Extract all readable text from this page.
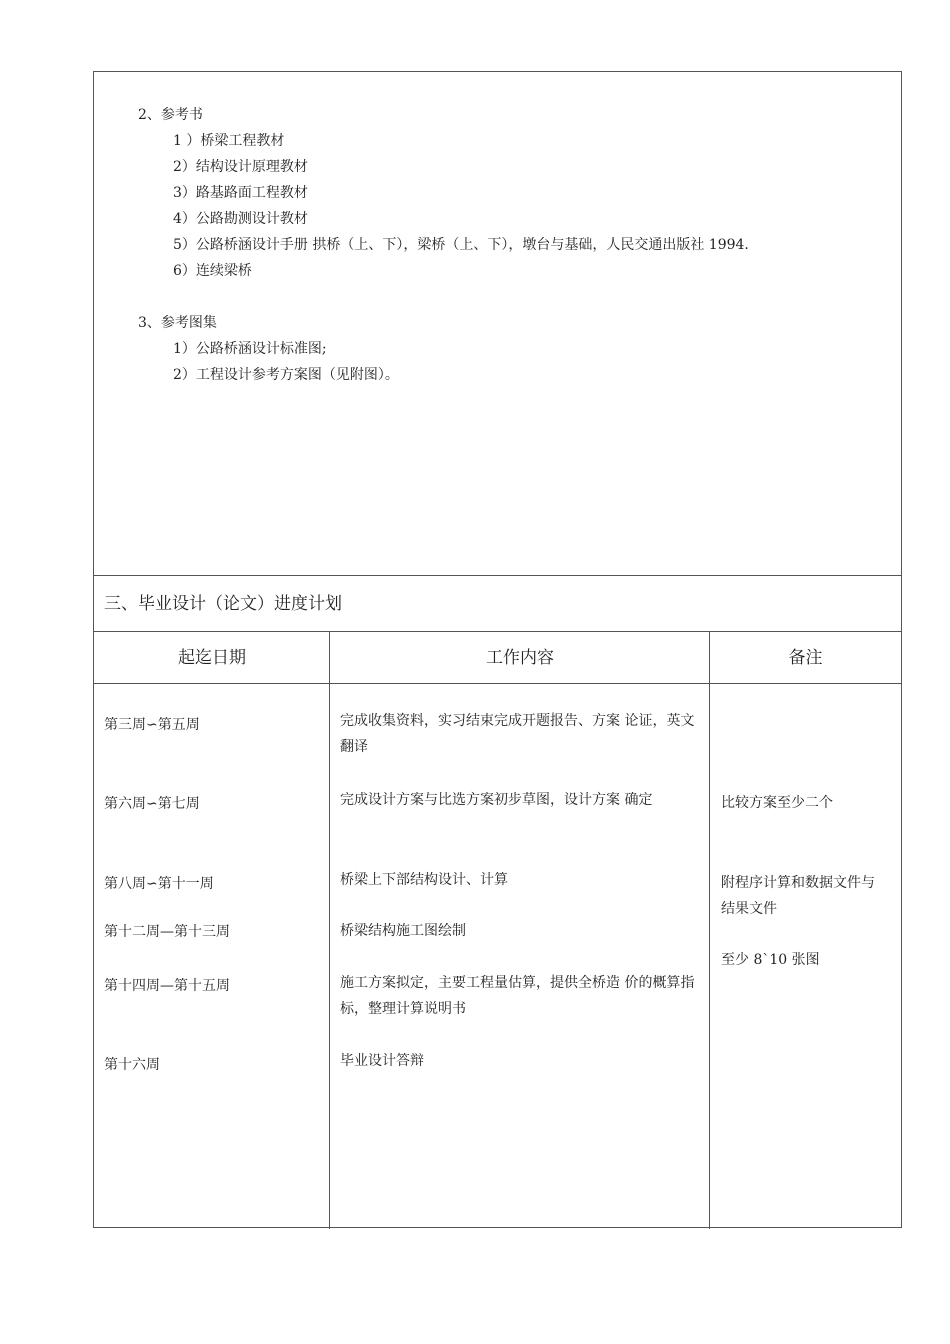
2、参考书
1 ）桥梁工程教材
2）结构设计原理教材
3）路基路面工程教材
4）公路勘测设计教材
5）公路桥涵设计手册 拱桥（上、下），梁桥（上、下），墩台与基础，人民交通出版社 1994.
6）连续梁桥
3、参考图集
1）公路桥涵设计标准图;
2）工程设计参考方案图（见附图）。
三、毕业设计（论文）进度计划
起迄日期	工作内容	备注
第三周∽第五周
第六周∽第七周
第八周∽第十一周
第十二周—第十三周
第十四周—第十五周
第十六周
完成收集资料，实习结束完成开题报告、方案 论证，英文翻译
完成设计方案与比选方案初步草图，设计方案 确定
桥梁上下部结构设计、计算
桥梁结构施工图绘制
施工方案拟定，主要工程量估算，提供全桥造 价的概算指标，整理计算说明书
毕业设计答辩
比较方案至少二个
附程序计算和数据文件与结果文件
至少 8`10 张图
